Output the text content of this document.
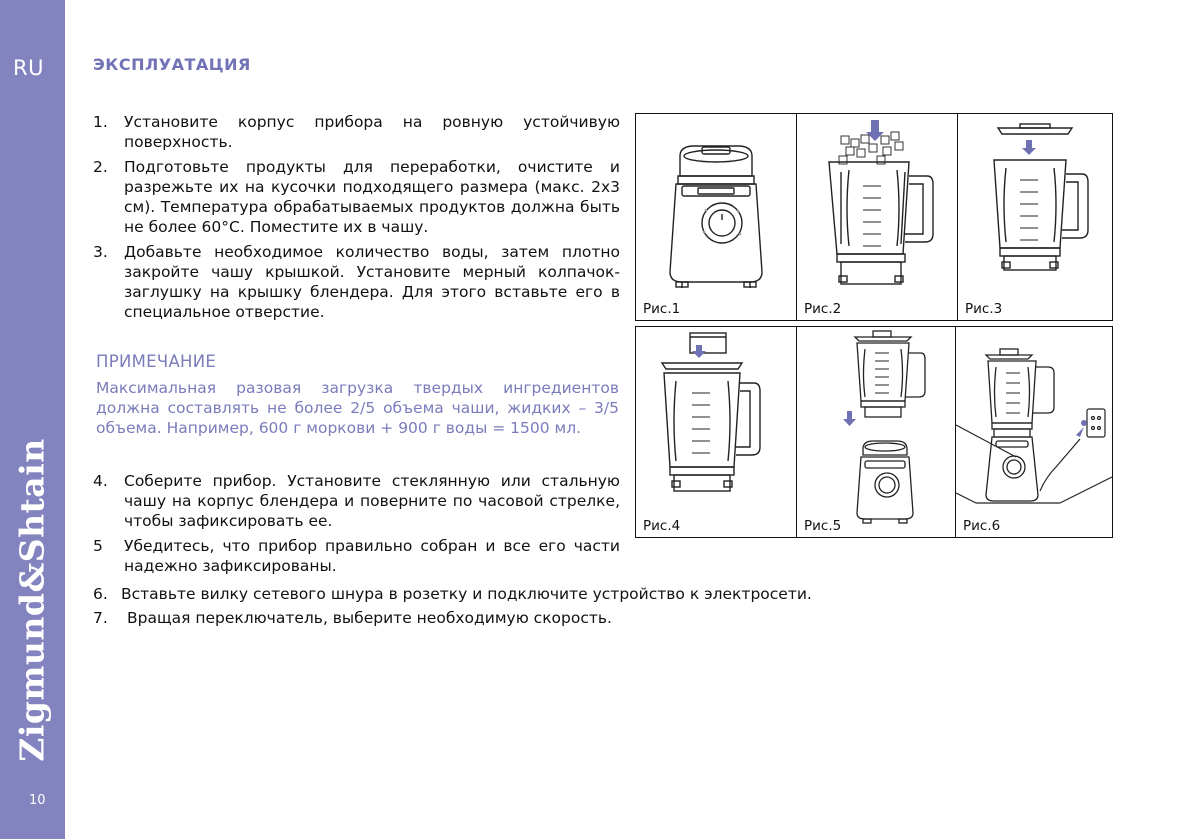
RU
Zigmund&Shtain
10
ЭКСПЛУАТАЦИЯ
1.	Установите корпус прибора на ровную устойчивую поверхность.
2.	Подготовьте продукты для переработки, очистите и разрежьте их на кусочки подходящего размера (макс. 2х3 см). Температура обрабатываемых продуктов должна быть не более 60°С. Поместите их в чашу.
3.	Добавьте необходимое количество воды, затем плотно закройте чашу крышкой. Установите мерный колпачок-заглушку на крышку блендера. Для этого вставьте его в специальное отверстие.
ПРИМЕЧАНИЕ
Максимальная разовая загрузка твердых ингредиентов должна составлять не более 2/5 объема чаши, жидких – 3/5 объема. Например, 600 г моркови + 900 г воды = 1500 мл.
4.	Соберите прибор. Установите стеклянную или стальную чашу на корпус блендера и поверните по часовой стрелке, чтобы зафиксировать ее.
5	Убедитесь, что прибор правильно собран и все его части надежно зафиксированы.
6. Вставьте вилку сетевого шнура в розетку и подключите устройство к электросети.
7. Вращая переключатель, выберите необходимую скорость.
Рис.1	Рис.2	Рис.3
Рис.4	Рис.5	Рис.6
